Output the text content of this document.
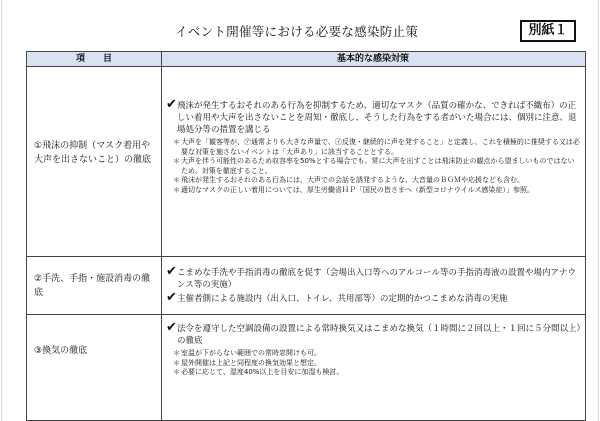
イベント開催等における必要な感染防止策	別紙１
項　　目	基本的な感染対策
①飛沫の抑制（マスク着用や大声を出さないこと）の徹底
✔ 飛沫が発生するおそれのある行為を抑制するため、適切なマスク（品質の確かな、できれば不織布）の正しい着用や大声を出さないことを周知・徹底し、そうした行為をする者がいた場合には、個別に注意、退場処分等の措置を講じる
＊ 大声を「観客等が、㋐通常よりも大きな声量で、㋑反復・継続的に声を発すること」と定義し、これを積極的に推奨する又は必要な対策を施さないイベントは「大声あり」に該当することとする。
＊ 大声を伴う可能性のあるため収容率を50%とする場合でも、常に大声を出すことは飛沫防止の観点から望ましいものではないため、対策を徹底すること。
＊ 飛沫が発生するおそれのある行為には、大声での会話を誘発するような、大音量のＢＧＭや応援なども含む。
＊ 適切なマスクの正しい着用については、厚生労働省ＨＰ「国民の皆さまへ（新型コロナウイルス感染症）」参照。
②手洗、手指・施設消毒の徹底
✔ こまめな手洗や手指消毒の徹底を促す（会場出入口等へのアルコール等の手指消毒液の設置や場内アナウンス等の実施）
✔ 主催者側による施設内（出入口、トイレ、共用部等）の定期的かつこまめな消毒の実施
③換気の徹底
✔ 法令を遵守した空調設備の設置による常時換気又はこまめな換気（１時間に２回以上・１回に５分間以上）の徹底
＊ 室温が下がらない範囲での常時窓開けも可。
＊ 屋外開催は上記と同程度の換気効果と想定。
＊ 必要に応じて、湿度40%以上を目安に加湿も検討。
